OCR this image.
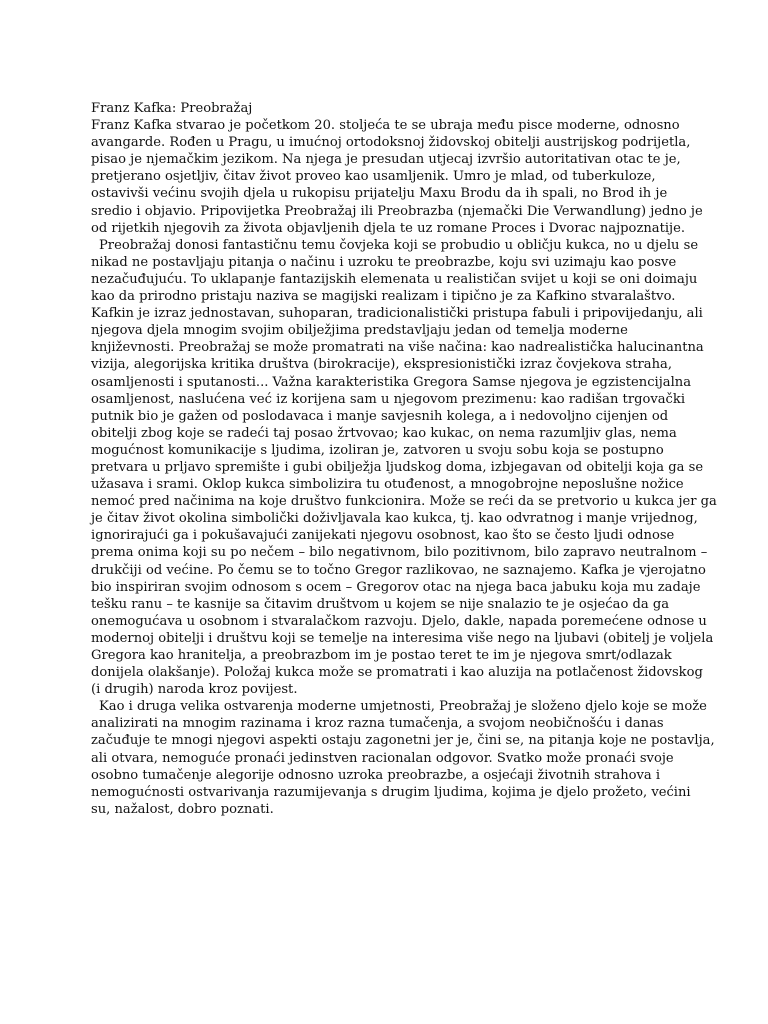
Franz Kafka: Preobražaj
Franz Kafka stvarao je početkom 20. stoljeća te se ubraja među pisce moderne, odnosno
avangarde. Rođen u Pragu, u imućnoj ortodoksnoj židovskoj obitelji austrijskog podrijetla,
pisao je njemačkim jezikom. Na njega je presudan utjecaj izvršio autoritativan otac te je,
pretjerano osjetljiv, čitav život proveo kao usamljenik. Umro je mlad, od tuberkuloze,
ostavivši većinu svojih djela u rukopisu prijatelju Maxu Brodu da ih spali, no Brod ih je
sredio i objavio. Pripovijetka Preobražaj ili Preobrazba (njemački Die Verwandlung) jedno je
od rijetkih njegovih za života objavljenih djela te uz romane Proces i Dvorac najpoznatije.
Preobražaj donosi fantastičnu temu čovjeka koji se probudio u obličju kukca, no u djelu se
nikad ne postavljaju pitanja o načinu i uzroku te preobrazbe, koju svi uzimaju kao posve
nezačuđujuću. To uklapanje fantazijskih elemenata u realističan svijet u koji se oni doimaju
kao da prirodno pristaju naziva se magijski realizam i tipično je za Kafkino stvaralaštvo.
Kafkin je izraz jednostavan, suhoparan, tradicionalistički pristupa fabuli i pripovijedanju, ali
njegova djela mnogim svojim obilježjima predstavljaju jedan od temelja moderne
književnosti. Preobražaj se može promatrati na više načina: kao nadrealistička halucinantna
vizija, alegorijska kritika društva (birokracije), ekspresionistički izraz čovjekova straha,
osamljenosti i sputanosti... Važna karakteristika Gregora Samse njegova je egzistencijalna
osamljenost, naslućena već iz korijena sam u njegovom prezimenu: kao radišan trgovački
putnik bio je gažen od poslodavaca i manje savjesnih kolega, a i nedovoljno cijenjen od
obitelji zbog koje se radeći taj posao žrtvovao; kao kukac, on nema razumljiv glas, nema
mogućnost komunikacije s ljudima, izoliran je, zatvoren u svoju sobu koja se postupno
pretvara u prljavo spremište i gubi obilježja ljudskog doma, izbjegavan od obitelji koja ga se
užasava i srami. Oklop kukca simbolizira tu otuđenost, a mnogobrojne neposlušne nožice
nemoć pred načinima na koje društvo funkcionira. Može se reći da se pretvorio u kukca jer ga
je čitav život okolina simbolički doživljavala kao kukca, tj. kao odvratnog i manje vrijednog,
ignorirajući ga i pokušavajući zanijekati njegovu osobnost, kao što se često ljudi odnose
prema onima koji su po nečem – bilo negativnom, bilo pozitivnom, bilo zapravo neutralnom –
drukčiji od većine. Po čemu se to točno Gregor razlikovao, ne saznajemo. Kafka je vjerojatno
bio inspiriran svojim odnosom s ocem – Gregorov otac na njega baca jabuku koja mu zadaje
tešku ranu – te kasnije sa čitavim društvom u kojem se nije snalazio te je osjećao da ga
onemogućava u osobnom i stvaralačkom razvoju. Djelo, dakle, napada poremećene odnose u
modernoj obitelji i društvu koji se temelje na interesima više nego na ljubavi (obitelj je voljela
Gregora kao hranitelja, a preobrazbom im je postao teret te im je njegova smrt/odlazak
donijela olakšanje). Položaj kukca može se promatrati i kao aluzija na potlačenost židovskog
(i drugih) naroda kroz povijest.
Kao i druga velika ostvarenja moderne umjetnosti, Preobražaj je složeno djelo koje se može
analizirati na mnogim razinama i kroz razna tumačenja, a svojom neobičnošću i danas
začuđuje te mnogi njegovi aspekti ostaju zagonetni jer je, čini se, na pitanja koje ne postavlja,
ali otvara, nemoguće pronaći jedinstven racionalan odgovor. Svatko može pronaći svoje
osobno tumačenje alegorije odnosno uzroka preobrazbe, a osjećaji životnih strahova i
nemogućnosti ostvarivanja razumijevanja s drugim ljudima, kojima je djelo prožeto, većini
su, nažalost, dobro poznati.
